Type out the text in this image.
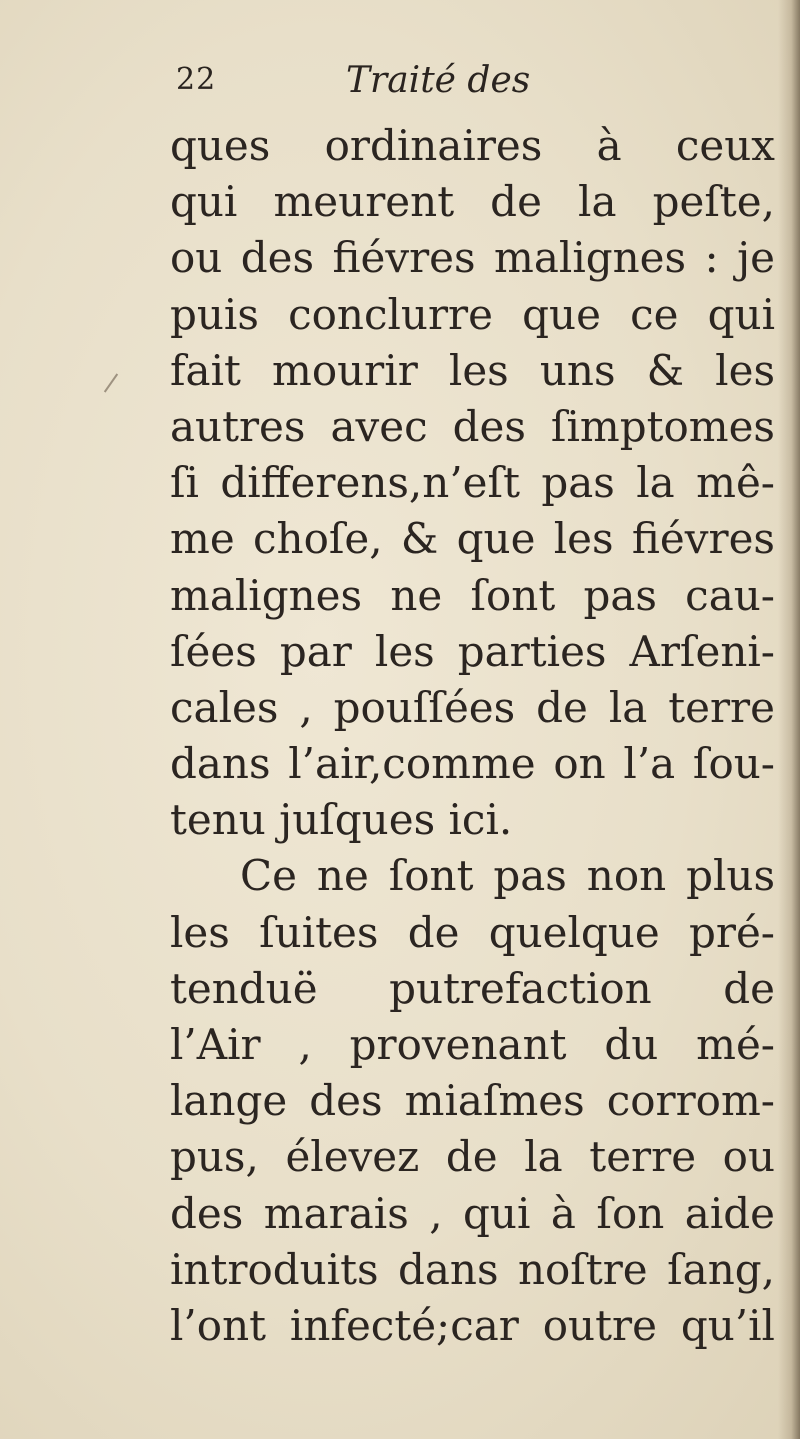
22	Traité des
ques ordinaires à ceux
qui meurent de la peſte,
ou des fiévres malignes : je
puis conclurre que ce qui
fait mourir les uns & les
autres avec des ſimptomes
ſi differens,n’eſt pas la mê-
me choſe, & que les fiévres
malignes ne ſont pas cau-
ſées par les parties Arſeni-
cales , pouſſées de la terre
dans l’air,comme on l’a ſou-
tenu juſques ici.
Ce ne ſont pas non plus
les ſuites de quelque pré-
tenduë putrefaction de
l’Air , provenant du mé-
lange des miaſmes corrom-
pus, élevez de la terre ou
des marais , qui à ſon aide
introduits dans noſtre ſang,
l’ont infecté;car outre qu’il
